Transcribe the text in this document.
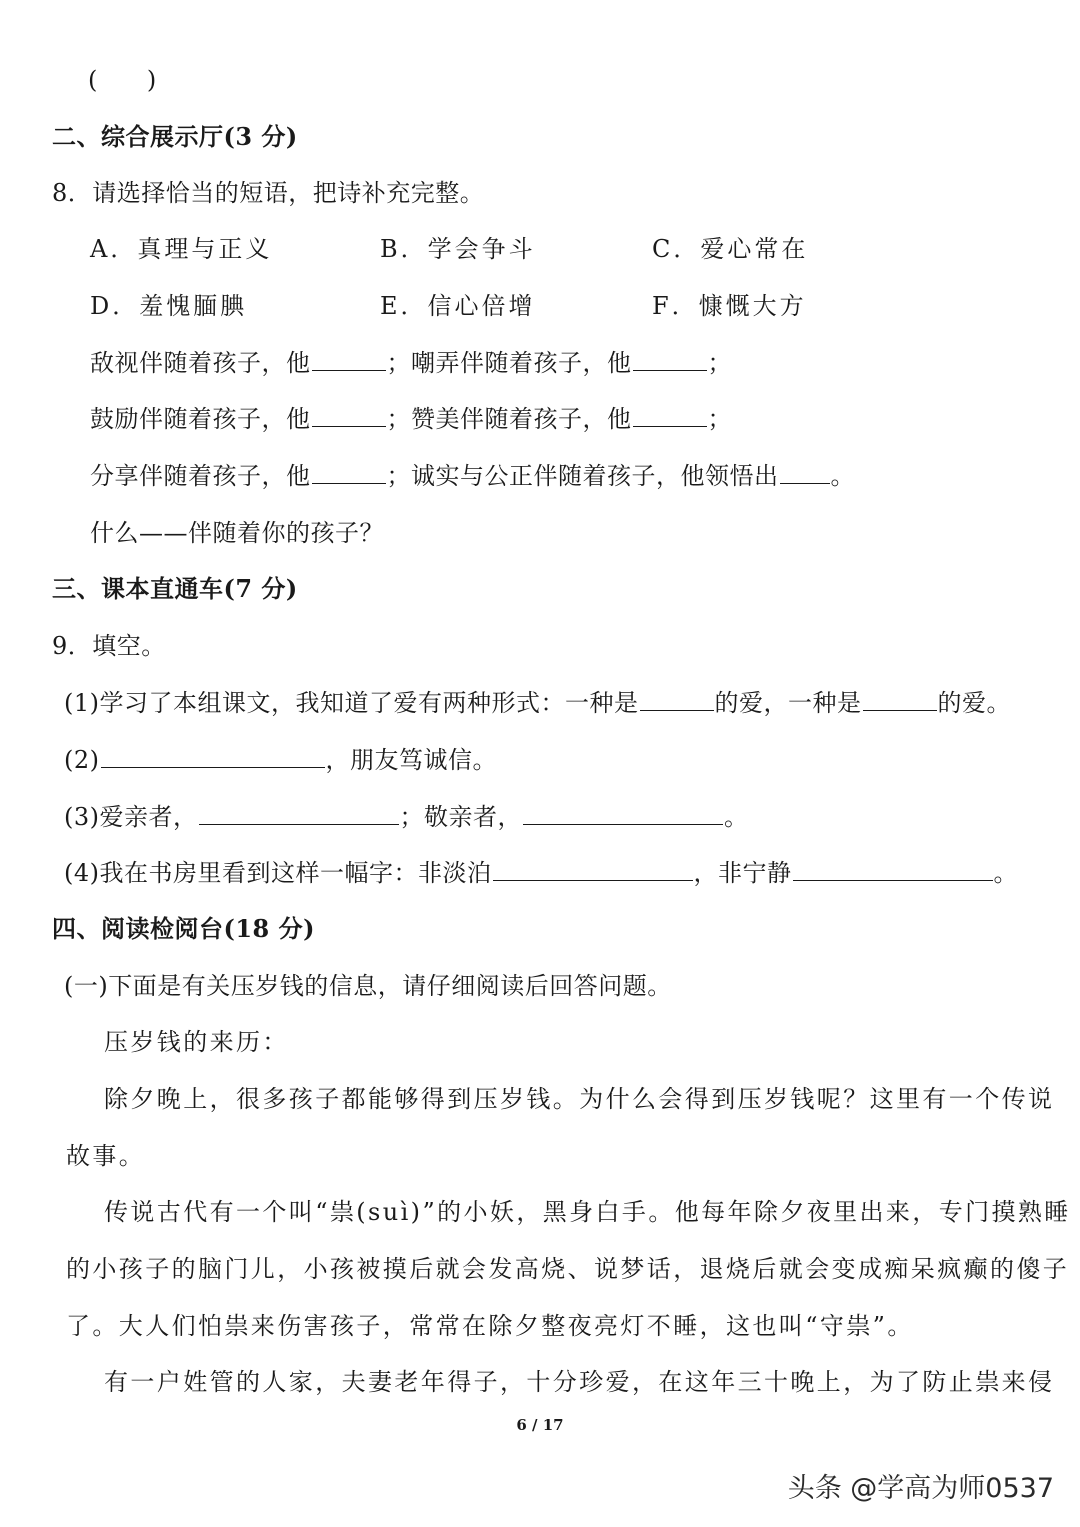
(　　)
二、综合展示厅(3 分)
8．请选择恰当的短语，把诗补充完整。
A．真理与正义	B．学会争斗	C．爱心常在
D．羞愧腼腆	E．信心倍增	F．慷慨大方
敌视伴随着孩子，他	；嘲弄伴随着孩子，他	；
鼓励伴随着孩子，他	；赞美伴随着孩子，他	；
分享伴随着孩子，他	；诚实与公正伴随着孩子，他领悟出 。
什么——伴随着你的孩子？
三、课本直通车(7 分)
9．填空。
(1)学习了本组课文，我知道了爱有两种形式：一种是	的爱，一种是	的爱。
(2)	，朋友笃诚信。
(3)爱亲者，	；敬亲者，	。
(4)我在书房里看到这样一幅字：非淡泊	，非宁静	。
四、阅读检阅台(18 分)
(一)下面是有关压岁钱的信息，请仔细阅读后回答问题。
压岁钱的来历：
除夕晚上，很多孩子都能够得到压岁钱。为什么会得到压岁钱呢？这里有一个传说
故事。
传说古代有一个叫“祟(suì)”的小妖，黑身白手。他每年除夕夜里出来，专门摸熟睡
的小孩子的脑门儿，小孩被摸后就会发高烧、说梦话，退烧后就会变成痴呆疯癫的傻子
了。大人们怕祟来伤害孩子，常常在除夕整夜亮灯不睡，这也叫“守祟”。
有一户姓管的人家，夫妻老年得子，十分珍爱，在这年三十晚上，为了防止祟来侵
6 / 17
头条 @学高为师0537
